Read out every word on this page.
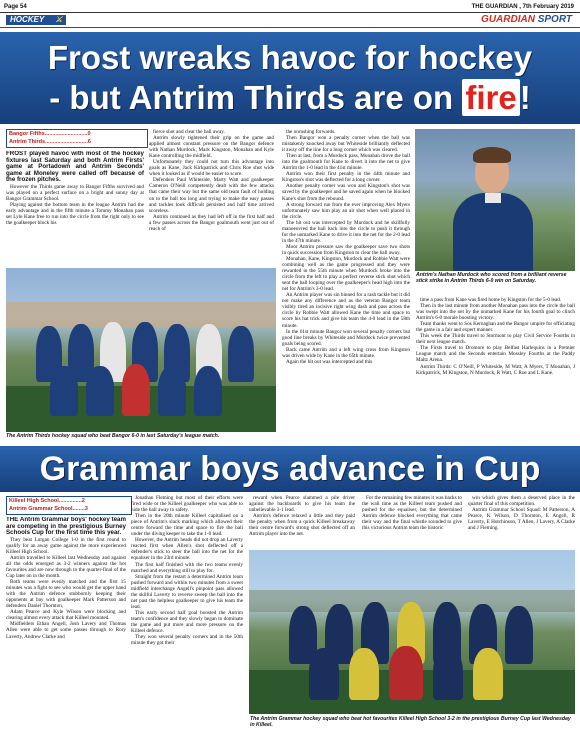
Page 54	THE GUARDIAN , 7th February 2019
HOCKEY ⚔	GUARDIAN SPORT
Frost wreaks havoc for hockey
- but Antrim Thirds are on fire!
Bangor Fifths............................0
Antrim Thirds............................6

FROST played havoc with most of the hockey fixtures last Saturday and both Antrim Firsts' game at Portadown and Antrim Seconds' game at Moneley were called off because of the frozen pitches.

However the Thirds game away to Bangor Fifths survived and was played on a perfect surface on a bright and sunny day at Bangor Grammar School.

Playing against the bottom team in the league Antrim had the early advantage and in the fifth minute a Tommy Monahan pass set Lyle Kane free to run into the circle from the right only to see the goalkeeper block his

fierce shot and clear the ball away.

Antrim slowly tightened their grip on the game and applied almost constant pressure on the Bangor defence with Nathan Murdock, Mark Kingston, Monahan and Kyle Kane controlling the midfield.

Unfortunately they could not turn this advantage into goals as Kane, Jack Kirkpatrick and Chris Roe shot wide when it looked as if would be easier to score.

Defenders Paul Whiteside, Marty Watt and goalkeeper Cameron O'Neill competently dealt with the few attacks that came their way but the same old team fault of holding on to the ball too long and trying to make the easy passes and tackles look difficult persisted and half time arrived scoreless.

Antrim continued as they had left off in the first half and a few passes across the Bangor goalmouth went just out of reach of

the onrushing forwards.

Then Bangor won a penalty corner when the ball was mistakenly knocked away but Whiteside brilliantly deflected it away off the line for a long corner which was cleared.

Then at last, from a Murdock pass, Monahan drove the ball into the goalmouth for Kane to divert it into the net to give Antrim the 1-0 lead in the 41st minute.

Antrim won their first penalty in the 44th minute and Kingston's shot was deflected for a long corner.

Another penalty corner was won and Kingston's shot was saved by the goalkeeper and he saved again when he blocked Kane's shot from the rebound.

A strong forward run from the ever improving Alex Myers unfortunately saw him play an air shot when well placed in the circle.

The hit out was intercepted by Murdock and he skillfully manoeuvred the ball back into the circle to push it through for the unmarked Kane to drive it into the net for the 2-0 lead in the 47th minute.

Moor Antrim pressure saw the goalkeeper save two shots in quick succession from Kingston to clear the ball away.

Monahan, Kane, Kingston, Murdock and Robbie Watt were combining well as the game progressed and they were rewarded in the 55th minute when Murdock broke into the circle from the left to play a perfect reverse stick shot which sent the ball looping over the goalkeeper's head high into the net for Antrim's 3-0 lead.

An Antrim player was sin binned for a rash tackle but it did not make any difference and as the veteran Bangor team visibly tired an incisive right wing dash and pass across the circle by Robbie Watt allowed Kane the time and space to score his hat trick and give his team the 4-0 lead in the 58th minute.

In the 61st minute Bangor won several penalty corners but good line breaks by Whiteside and Murdock twice prevented goals being scored.

Back came Antrim and a left wing cross from Kingston was driven wide by Kane in the 65th minute.

Again the hit out was intercepted and this

Antrim's Nathan Murdock who scored from a brilliant reverse stick strike in Antrim Thirds 6-0 win on Saturday.

time a pass from Kane was fired home by Kingston for the 5-0 lead.

Then in the last minute from another Monahan pass into the circle the ball was swept into the net by the unmarked Kane for his fourth goal to clinch Antrim's 6-0 morale boosting victory.

Team thanks went to Sos Kernaghan and the Bangor umpire for officiating the game in a fair and expert manner.

This week the Thirds travel to Stormont to play Civil Service Fourths in their next league match.

The Firsts travel to Dromore to play Belfast Harlequins in a Premier League match and the Seconds entertain Mossley Fourths at the Paddy Maltz Arena.

Antrim Thirds: C O'Neill, P Whiteside, M Watt, A Myers, T Monahan, J Kirkpatrick, M Kingston, N Murdock, R Watt, C Roe and L Kane.

The Antrim Thirds hockey squad who beat Bangor 6-0 in last Saturday's league match.
Grammar boys advance in Cup
Killeel High School...............2
Antrim Grammar School........3

THE Antrim Grammar boys' hockey team are competing in the prestigious Burney Schools Cup for the first time this year.

They beat Lurgan College 1-0 in the first round to qualify for an away game against the more experienced Killeel High School.

Antrim travelled to Killeel last Wednesday and against all the odds emerged as 3-2 winners against the hot favourites and are now through to the quarter-final of the Cup later on in the month.

Both teams were evenly matched and the first 15 minutes was a fight to see who would get the upper hand with the Antrim defence stubbornly keeping their opponents at bay with goalkeeper Mark Patterson and defenders Daniel Thornton,

Adam Pearce and Kyle Wilson were blocking and clearing almost every attack that Killeel mounted.

Midfielders Ethan Angell, Josh Lavery and Thomas Allen were able to get some passes through to Rory Laverty, Andrew Clarke and

Jonathan Fleming but most of their efforts were fired wide or the Killeel goalkeeper who was able to hide the ball away to safety.

Then in the 20th minute Killeel capitalised on a piece of Antrim's slack marking which allowed their centre forward the time and space to fire the ball under the diving keeper to take the 1-0 lead.

However, the Antrim heads did not drop an Laverty reacted first when Allen's shot deflected off a defender's stick to steer the ball into the net for the equaliser in the 23rd minute.

The first half finished with the two teams evenly matched and everything still to play for.

Straight from the restart a determined Antrim team pushed forward and within two minutes from a sweet midfield interchange Angell's pinpoint pass allowed the skilful Laverty to reverse sweep the ball into the net past the helpless goalkeeper to give his team the lead.

This early second half goal boosted the Antrim team's confidence and they slowly began to dominate the game and put more and more pressure on the Killeel defence.

They won several penalty corners and in the 50th minute they got their

reward when Pearce slammed a pile driver against the backboards to give his team the unbelievable 3-1 lead.

Antrim's defence relaxed a little and they paid the penalty when from a quick Killeel breakaway their centre forward's strong shot deflected off an Antrim player into the net.

For the remaining few minutes it was backs to the wall time as the Killeel team pushed and pushed for the equaliser, but the determined Antrim defence blocked everything that came their way and the final whistle sounded to give this victorious Antrim team the historic

win which gives them a deserved place in the quarter final of this competition.

Antrim Grammar School Squad: M Patterson, A Pearce, K Wilson, D Thornton, E Angell, R Laverty, E Hutchinson, T Allen, J Lavery, A Clarke and J Fleming.

The Antrim Grammar hockey squad who beat hot favourites Killeel High School 3-2 in the prestigious Burney Cup last Wednesday in Killeel.
